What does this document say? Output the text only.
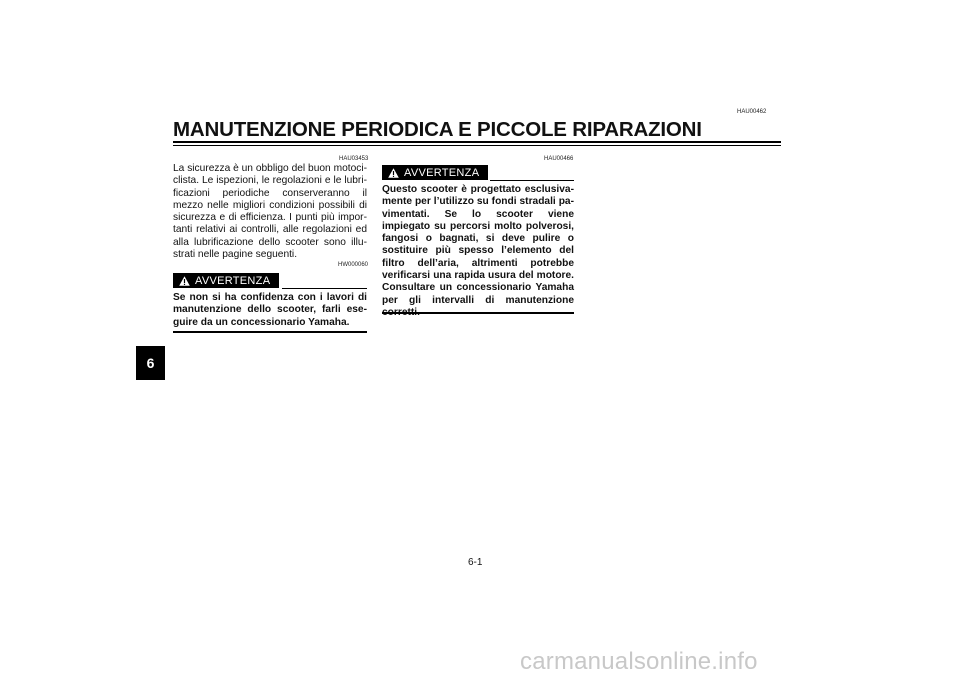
6
HAU00462
MANUTENZIONE PERIODICA E PICCOLE RIPARAZIONI
HAU03453
La sicurezza è un obbligo del buon motociclista. Le ispezioni, le regolazioni e le lubrificazioni periodiche conserveranno il mezzo nelle migliori condizioni possibili di sicurezza e di efficienza. I punti più importanti relativi ai controlli, alle regolazioni ed alla lubrificazione dello scooter sono illustrati nelle pagine seguenti.
HW000060
AVVERTENZA
Se non si ha confidenza con i lavori di manutenzione dello scooter, farli eseguire da un concessionario Yamaha.
HAU00466
AVVERTENZA
Questo scooter è progettato esclusivamente per l’utilizzo su fondi stradali pavimentati. Se lo scooter viene impiegato su percorsi molto polverosi, fangosi o bagnati, si deve pulire o sostituire più spesso l’elemento del filtro dell’aria, altrimenti potrebbe verificarsi una rapida usura del motore. Consultare un concessionario Yamaha per gli intervalli di manutenzione
6-1
carmanualsonline.info
